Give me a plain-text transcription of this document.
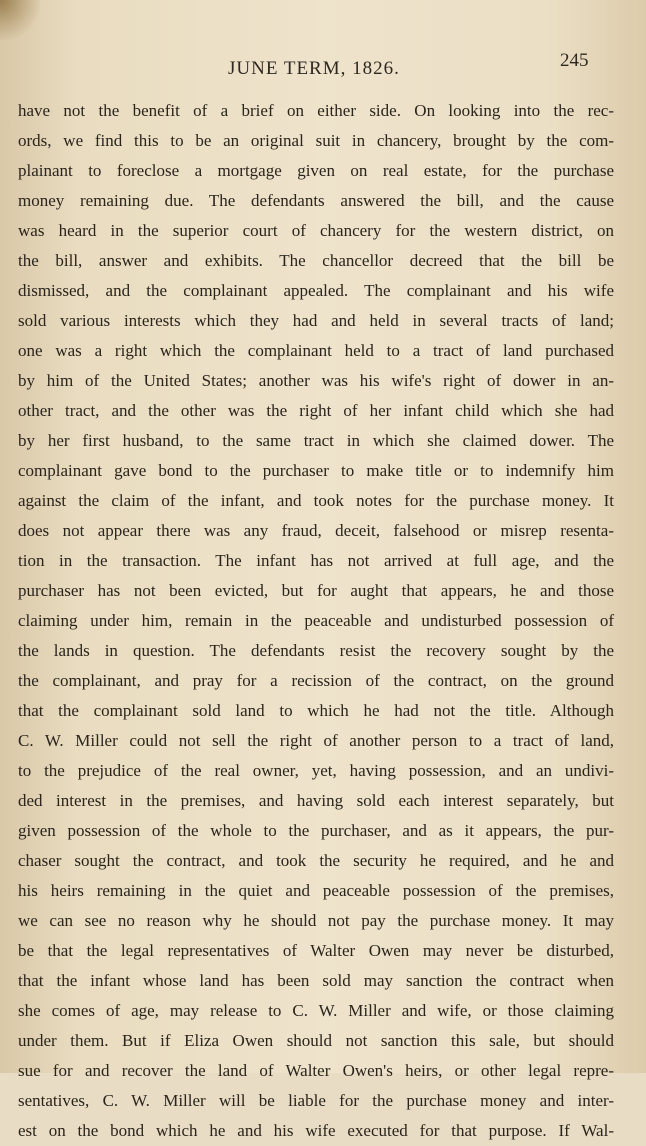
JUNE TERM, 1826.	245
have not the benefit of a brief on either side. On looking into the rec-
ords, we find this to be an original suit in chancery, brought by the com-
plainant to foreclose a mortgage given on real estate, for the purchase
money remaining due. The defendants answered the bill, and the cause
was heard in the superior court of chancery for the western district, on
the bill, answer and exhibits. The chancellor decreed that the bill be
dismissed, and the complainant appealed. The complainant and his wife
sold various interests which they had and held in several tracts of land;
one was a right which the complainant held to a tract of land purchased
by him of the United States; another was his wife's right of dower in an-
other tract, and the other was the right of her infant child which she had
by her first husband, to the same tract in which she claimed dower. The
complainant gave bond to the purchaser to make title or to indemnify him
against the claim of the infant, and took notes for the purchase money. It
does not appear there was any fraud, deceit, falsehood or misrep resenta-
tion in the transaction. The infant has not arrived at full age, and the
purchaser has not been evicted, but for aught that appears, he and those
claiming under him, remain in the peaceable and undisturbed possession of
the lands in question. The defendants resist the recovery sought by the
the complainant, and pray for a recission of the contract, on the ground
that the complainant sold land to which he had not the title. Although
C. W. Miller could not sell the right of another person to a tract of land,
to the prejudice of the real owner, yet, having possession, and an undivi-
ded interest in the premises, and having sold each interest separately, but
given possession of the whole to the purchaser, and as it appears, the pur-
chaser sought the contract, and took the security he required, and he and
his heirs remaining in the quiet and peaceable possession of the premises,
we can see no reason why he should not pay the purchase money. It may
be that the legal representatives of Walter Owen may never be disturbed,
that the infant whose land has been sold may sanction the contract when
she comes of age, may release to C. W. Miller and wife, or those claiming
under them. But if Eliza Owen should not sanction this sale, but should
sue for and recover the land of Walter Owen's heirs, or other legal repre-
sentatives, C. W. Miller will be liable for the purchase money and inter-
est on the bond which he and his wife executed for that purpose. If Wal-
